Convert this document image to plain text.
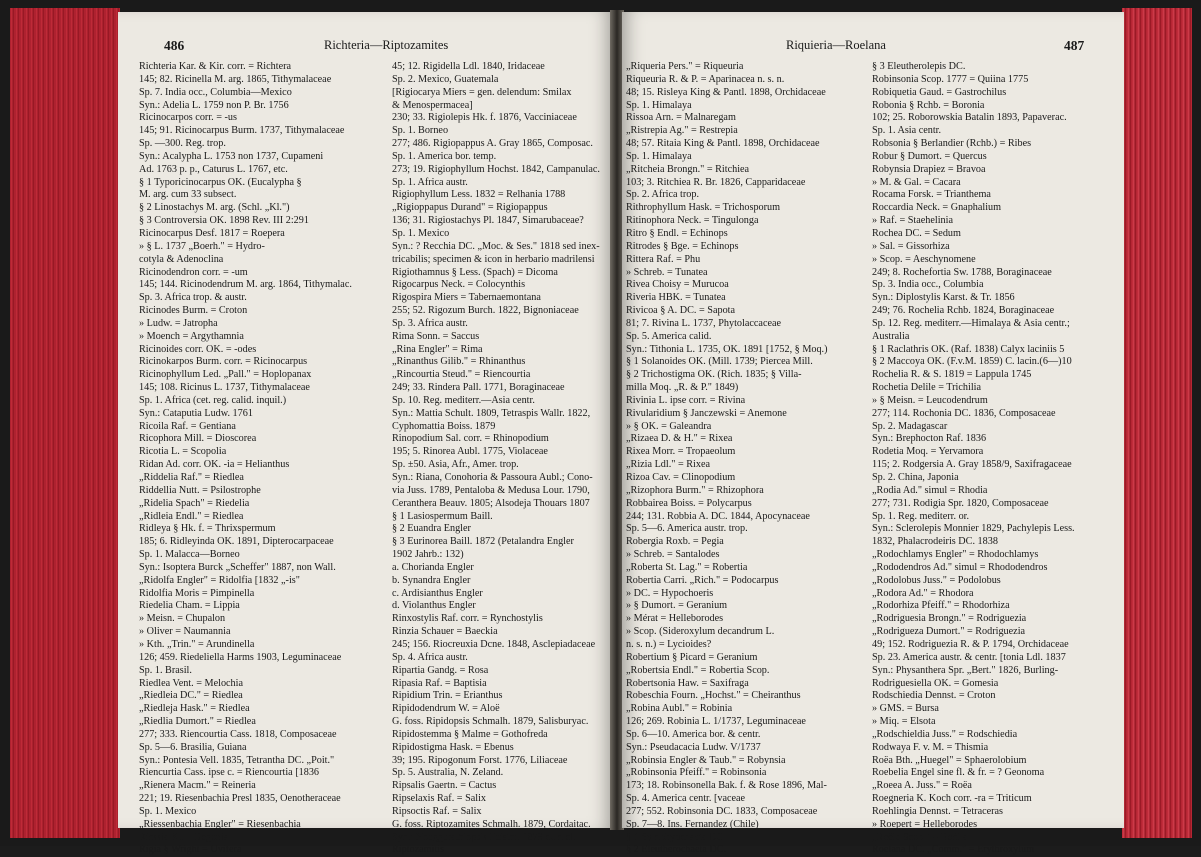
486	Richteria—Riptozamites
Richteria Kar. & Kir. corr. = Richtera
145; 82. Ricinella M. arg. 1865, Tithymalaceae
Sp. 7. India occ., Columbia—Mexico
Syn.: Adelia L. 1759 non P. Br. 1756
Ricinocarpos corr. = -us
145; 91. Ricinocarpus Burm. 1737, Tithymalaceae
Sp. —300. Reg. trop.
Syn.: Acalypha L. 1753 non 1737, Cupameni
Ad. 1763 p. p., Caturus L. 1767, etc.
§ 1 Typoricinocarpus OK. (Eucalypha §
M. arg. cum 33 subsect.
§ 2 Linostachys M. arg. (Schl. „Kl.")
§ 3 Controversia OK. 1898 Rev. III 2:291
Ricinocarpus Desf. 1817 = Roepera
» § L. 1737 „Boerh." = Hydro-
cotyla & Adenoclina
Ricinodendron corr. = -um
145; 144. Ricinodendrum M. arg. 1864, Tithymalac.
Sp. 3. Africa trop. & austr.
Ricinodes Burm. = Croton
» Ludw. = Jatropha
» Moench = Argythamnia
Ricinoides corr. OK. = -odes
Ricinokarpos Burm. corr. = Ricinocarpus
Ricinophyllum Led. „Pall." = Hoplopanax
145; 108. Ricinus L. 1737, Tithymalaceae
Sp. 1. Africa (cet. reg. calid. inquil.)
Syn.: Cataputia Ludw. 1761
Ricoila Raf. = Gentiana
Ricophora Mill. = Dioscorea
Ricotia L. = Scopolia
Ridan Ad. corr. OK. -ia = Helianthus
„Riddelia Raf." = Riedlea
Riddellia Nutt. = Psilostrophe
„Ridelia Spach" = Riedelia
„Ridleia Endl." = Riedlea
Ridleya § Hk. f. = Thrixspermum
185; 6. Ridleyinda OK. 1891, Dipterocarpaceae
Sp. 1. Malacca—Borneo
Syn.: Isoptera Burck „Scheffer" 1887, non Wall.
„Ridolfa Engler" = Ridolfia [1832 „-is"
Ridolfia Moris = Pimpinella
Riedelia Cham. = Lippia
» Meisn. = Chupalon
» Oliver = Naumannia
» Kth. „Trin." = Arundinella
126; 459. Riedeliella Harms 1903, Leguminaceae
Sp. 1. Brasil.
Riedlea Vent. = Melochia
„Riedleia DC." = Riedlea
„Riedleja Hask." = Riedlea
„Riedlia Dumort." = Riedlea
277; 333. Riencourtia Cass. 1818, Composaceae
Sp. 5—6. Brasilia, Guiana
Syn.: Pontesia Vell. 1835, Tetrantha DC. „Poit."
Riencurtia Cass. ipse c. = Riencourtia [1836
„Rienera Macm." = Reineria
221; 19. Riesenbachia Presl 1835, Oenotheraceae
Sp. 1. Mexico
„Riessenbachia Engler" = Riesenbachia
Riessia Kl. = Begonia
Rigia § Wright = Uvifera
45; 12. Rigidella Ldl. 1840, Iridaceae
Sp. 2. Mexico, Guatemala
[Rigiocarya Miers = gen. delendum: Smilax
& Menospermacea]
230; 33. Rigiolepis Hk. f. 1876, Vacciniaceae
Sp. 1. Borneo
277; 486. Rigiopappus A. Gray 1865, Composac.
Sp. 1. America bor. temp.
273; 19. Rigiophyllum Hochst. 1842, Campanulac.
Sp. 1. Africa austr.
Rigiophyllum Less. 1832 = Relhania 1788
„Rigioppapus Durand" = Rigiopappus
136; 31. Rigiostachys Pl. 1847, Simarubaceae?
Sp. 1. Mexico
Syn.: ? Recchia DC. „Moc. & Ses." 1818 sed inex-
tricabilis; specimen & icon in herbario madrilensi
Rigiothamnus § Less. (Spach) = Dicoma
Rigocarpus Neck. = Colocynthis
Rigospira Miers = Tabernaemontana
255; 52. Rigozum Burch. 1822, Bignoniaceae
Sp. 3. Africa austr.
Rima Sonn. = Saccus
„Rina Engler" = Rima
„Rinanthus Gilib." = Rhinanthus
„Rincourtia Steud." = Riencourtia
249; 33. Rindera Pall. 1771, Boraginaceae
Sp. 10. Reg. mediterr.—Asia centr.
Syn.: Mattia Schult. 1809, Tetraspis Wallr. 1822,
Cyphomattia Boiss. 1879
Rinopodium Sal. corr. = Rhinopodium
195; 5. Rinorea Aubl. 1775, Violaceae
Sp. ±50. Asia, Afr., Amer. trop.
Syn.: Riana, Conohoria & Passoura Aubl.; Cono-
via Juss. 1789, Pentaloba & Medusa Lour. 1790,
Ceranthera Beauv. 1805; Alsodeja Thouars 1807
§ 1 Lasiospermum Baill.
§ 2 Euandra Engler
§ 3 Eurinorea Baill. 1872 (Petalandra Engler
1902 Jahrb.: 132)
a. Chorianda Engler
b. Synandra Engler
c. Ardisianthus Engler
d. Violanthus Engler
Rinxostylis Raf. corr. = Rynchostylis
Rinzia Schauer = Baeckia
245; 156. Riocreuxia Dcne. 1848, Asclepiadaceae
Sp. 4. Africa austr.
Ripartia Gandg. = Rosa
Ripasia Raf. = Baptisia
Ripidium Trin. = Erianthus
Ripidodendrum W. = Aloë
G. foss. Ripidopsis Schmalh. 1879, Salisburyac.
Ripidostemma § Malme = Gothofreda
Ripidostigma Hask. = Ebenus
39; 195. Ripogonum Forst. 1776, Liliaceae
Sp. 5. Australia, N. Zeland.
Ripsalis Gaertn. = Cactus
Ripselaxis Raf. = Salix
Ripsoctis Raf. = Salix
G. foss. Riptozamites Schmalh. 1879, Cordaitac.
Syn.: Noeggerathiopsis Feistm. 1879 cum cf.
Riptozamitis
Riquieria—Roelana	487
„Riqueria Pers." = Riqueuria
Riqueuria R. & P. = Aparinacea n. s. n.
48; 15. Risleya King & Pantl. 1898, Orchidaceae
Sp. 1. Himalaya
Rissoa Arn. = Malnaregam
„Ristrepia Ag." = Restrepia
48; 57. Ritaia King & Pantl. 1898, Orchidaceae
Sp. 1. Himalaya
„Ritcheia Brongn." = Ritchiea
103; 3. Ritchiea R. Br. 1826, Capparidaceae
Sp. 2. Africa trop.
Rithrophyllum Hask. = Trichosporum
Ritinophora Neck. = Tingulonga
Ritro § Endl. = Echinops
Ritrodes § Bge. = Echinops
Rittera Raf. = Phu
» Schreb. = Tunatea
Rivea Choisy = Murucoa
Riveria HBK. = Tunatea
Rivicoa § A. DC. = Sapota
81; 7. Rivina L. 1737, Phytolaccaceae
Sp. 5. America calid.
Syn.: Tithonia L. 1735, OK. 1891 [1752, § Moq.)
§ 1 Solanoides OK. (Mill. 1739; Piercea Mill.
§ 2 Trichostigma OK. (Rich. 1835; § Villa-
milla Moq. „R. & P." 1849)
Rivinia L. ipse corr. = Rivina
Rivularidium § Janczewski = Anemone
» § OK. = Galeandra
„Rizaea D. & H." = Rixea
Rixea Morr. = Tropaeolum
„Rizia Ldl." = Rixea
Rizoa Cav. = Clinopodium
„Rizophora Burm." = Rhizophora
Robbairea Boiss. = Polycarpus
244; 131. Robbia A. DC. 1844, Apocynaceae
Sp. 5—6. America austr. trop.
Robergia Roxb. = Pegia
» Schreb. = Santalodes
„Roberta St. Lag." = Robertia
Robertia Carri. „Rich." = Podocarpus
» DC. = Hypochoeris
» § Dumort. = Geranium
» Mérat = Helleborodes
» Scop. (Sideroxylum decandrum L.
n. s. n.) = Lycioides?
Robertium § Picard = Geranium
„Robertsia Endl." = Robertia Scop.
Robertsonia Haw. = Saxifraga
Robeschia Fourn. „Hochst." = Cheiranthus
„Robina Aubl." = Robinia
126; 269. Robinia L. 1/1737, Leguminaceae
Sp. 6—10. America bor. & centr.
Syn.: Pseudacacia Ludw. V/1737
„Robinsia Engler & Taub." = Robynsia
„Robinsonia Pfeiff." = Robinsonia
173; 18. Robinsonella Bak. f. & Rose 1896, Mal-
Sp. 4. America centr. [vaceae
277; 552. Robinsonia DC. 1833, Composaceae
Sp. 7—8. Ins. Fernandez (Chile)
§ 1 Symphyochaeta DC.
§ 2 Eleutherochaeta DC.
§ 3 Eleutherolepis DC.
Robinsonia Scop. 1777 = Quiina 1775
Robiquetia Gaud. = Gastrochilus
Robonia § Rchb. = Boronia
102; 25. Roborowskia Batalin 1893, Papaverac.
Sp. 1. Asia centr.
Robsonia § Berlandier (Rchb.) = Ribes
Robur § Dumort. = Quercus
Robynsia Drapiez = Bravoa
» M. & Gal. = Cacara
Rocama Forsk. = Trianthema
Roccardia Neck. = Gnaphalium
» Raf. = Staehelinia
Rochea DC. = Sedum
» Sal. = Gissorhiza
» Scop. = Aeschynomene
249; 8. Rochefortia Sw. 1788, Boraginaceae
Sp. 3. India occ., Columbia
Syn.: Diplostylis Karst. & Tr. 1856
249; 76. Rochelia Rchb. 1824, Boraginaceae
Sp. 12. Reg. mediterr.—Himalaya & Asia centr.;
Australia
§ 1 Raclathris OK. (Raf. 1838) Calyx laciniis 5
§ 2 Maccoya OK. (F.v.M. 1859) C. lacin.(6—)10
Rochelia R. & S. 1819 = Lappula 1745
Rochetia Delile = Trichilia
» § Meisn. = Leucodendrum
277; 114. Rochonia DC. 1836, Composaceae
Sp. 2. Madagascar
Syn.: Brephocton Raf. 1836
Rodetia Moq. = Yervamora
115; 2. Rodgersia A. Gray 1858/9, Saxifragaceae
Sp. 2. China, Japonia
„Rodia Ad." simul = Rhodia
277; 731. Rodigia Spr. 1820, Composaceae
Sp. 1. Reg. mediterr. or.
Syn.: Sclerolepis Monnier 1829, Pachylepis Less.
1832, Phalacrodeiris DC. 1838
„Rodochlamys Engler" = Rhodochlamys
„Rododendros Ad." simul = Rhododendros
„Rodolobus Juss." = Podolobus
„Rodora Ad." = Rhodora
„Rodorhiza Pfeiff." = Rhodorhiza
„Rodriguesia Brongn." = Rodriguezia
„Rodrigueza Dumort." = Rodriguezia
49; 152. Rodriguezia R. & P. 1794, Orchidaceae
Sp. 23. America austr. & centr. [tonia Ldl. 1837
Syn.: Physanthera Spr. „Bert." 1826, Burling-
Rodriguesiella OK. = Gomesia
Rodschiedia Dennst. = Croton
» GMS. = Bursa
» Miq. = Elsota
„Rodschieldia Juss." = Rodschiedia
Rodwaya F. v. M. = Thismia
Roëa Bth. „Huegel" = Sphaerolobium
Roebelia Engel sine fl. & fr. = ? Geonoma
„Roeea A. Juss." = Roëa
Roegneria K. Koch corr. -ra = Triticum
Roehlingia Dennst. = Tetraceras
» Roepert = Helleborodes
„Roëla Scop." = Roëlla
Roelana DC. „Comm." = Erythroxylum
